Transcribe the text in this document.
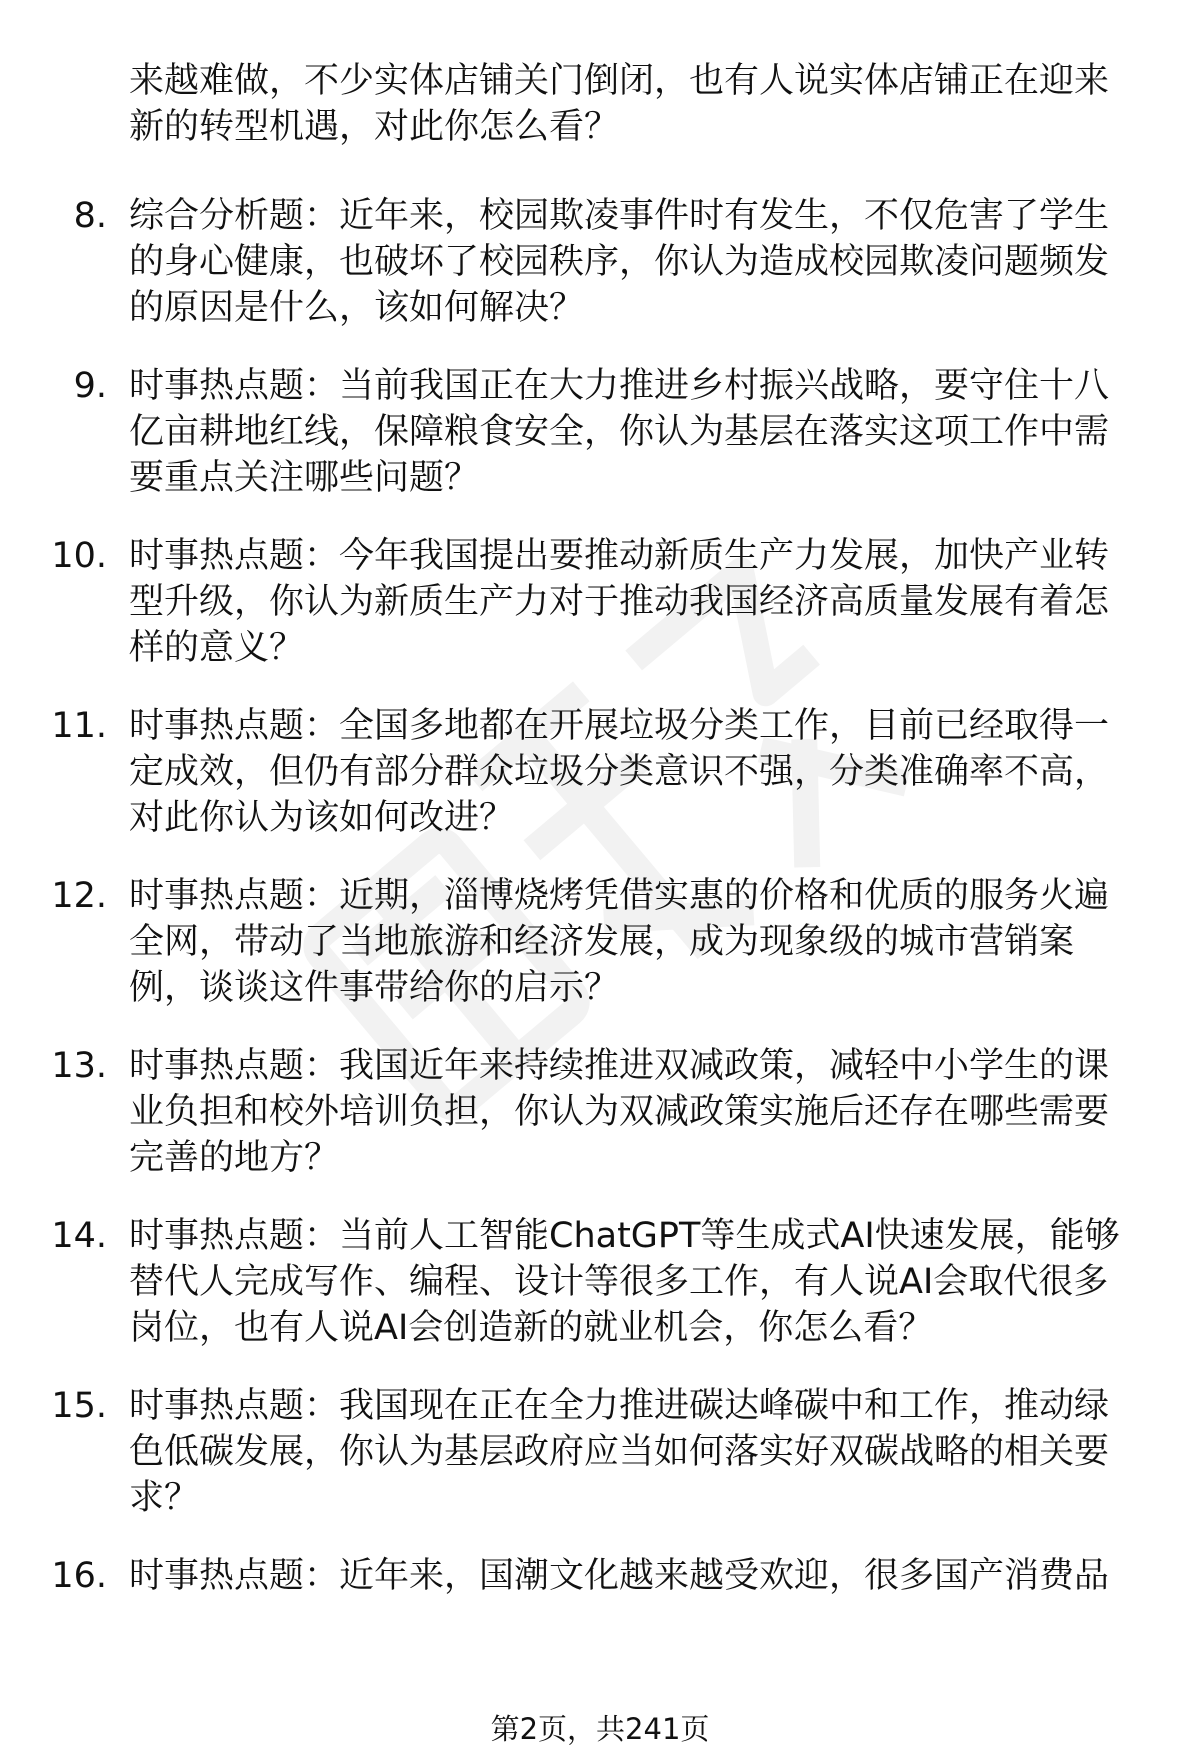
来越难做，不少实体店铺关门倒闭，也有人说实体店铺正在迎来新的转型机遇，对此你怎么看？

8. 综合分析题：近年来，校园欺凌事件时有发生，不仅危害了学生的身心健康，也破坏了校园秩序，你认为造成校园欺凌问题频发的原因是什么，该如何解决？

9. 时事热点题：当前我国正在大力推进乡村振兴战略，要守住十八亿亩耕地红线，保障粮食安全，你认为基层在落实这项工作中需要重点关注哪些问题？

10. 时事热点题：今年我国提出要推动新质生产力发展，加快产业转型升级，你认为新质生产力对于推动我国经济高质量发展有着怎样的意义？

11. 时事热点题：全国多地都在开展垃圾分类工作，目前已经取得一定成效，但仍有部分群众垃圾分类意识不强，分类准确率不高，对此你认为该如何改进？

12. 时事热点题：近期，淄博烧烤凭借实惠的价格和优质的服务火遍全网，带动了当地旅游和经济发展，成为现象级的城市营销案例，谈谈这件事带给你的启示？

13. 时事热点题：我国近年来持续推进双减政策，减轻中小学生的课业负担和校外培训负担，你认为双减政策实施后还存在哪些需要完善的地方？

14. 时事热点题：当前人工智能ChatGPT等生成式AI快速发展，能够替代人完成写作、编程、设计等很多工作，有人说AI会取代很多岗位，也有人说AI会创造新的就业机会，你怎么看？

15. 时事热点题：我国现在正在全力推进碳达峰碳中和工作，推动绿色低碳发展，你认为基层政府应当如何落实好双碳战略的相关要求？

16. 时事热点题：近年来，国潮文化越来越受欢迎，很多国产消费品

第2页，共241页
